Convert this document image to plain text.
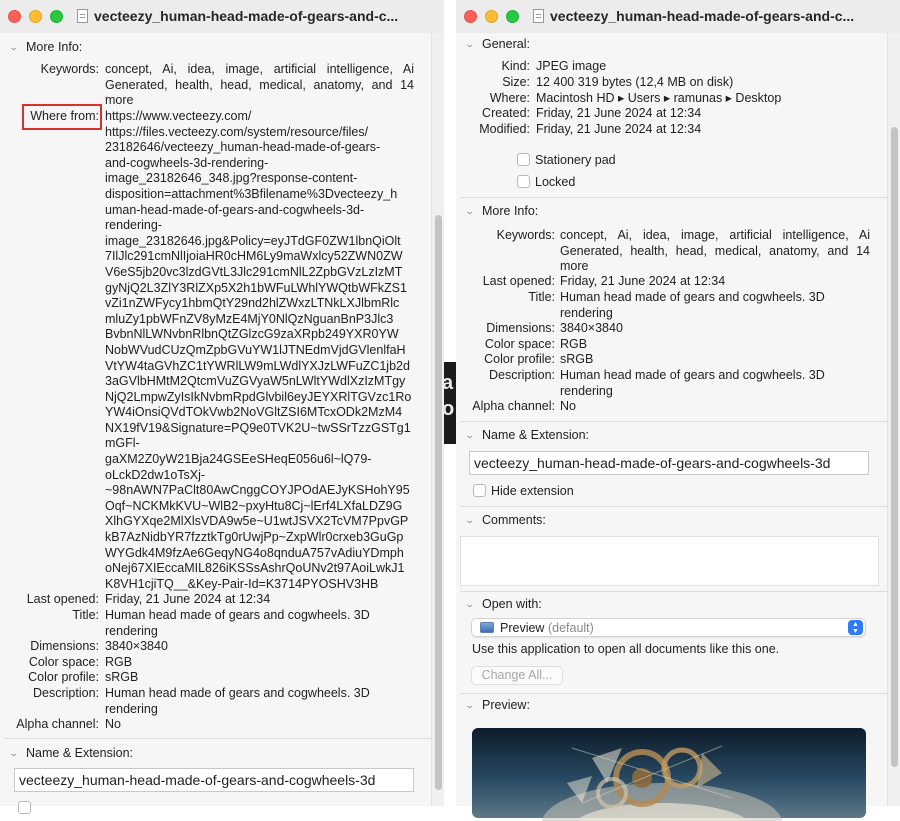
vecteezy_human-head-made-of-gears-and-c...
⌄ More Info:
Keywords: concept, Ai, idea, image, artificial intelligence, Ai Generated, health, head, medical, anatomy, and 14 more
Where from: https://www.vecteezy.com/
https://files.vecteezy.com/system/resource/files/
23182646/vecteezy_human-head-made-of-gears-
and-cogwheels-3d-rendering-
image_23182646_348.jpg?response-content-
disposition=attachment%3Bfilename%3Dvecteezy_h
uman-head-made-of-gears-and-cogwheels-3d-
rendering-
image_23182646.jpg&Policy=eyJTdGF0ZW1lbnQiOlt
7IlJlc291cmNlIjoiaHR0cHM6Ly9maWxlcy52ZWN0ZW
V6eS5jb20vc3lzdGVtL3Jlc291cmNlL2ZpbGVzLzIzMT
gyNjQ2L3ZlY3RlZXp5X2h1bWFuLWhlYWQtbWFkZS1
vZi1nZWFycy1hbmQtY29nd2hlZWxzLTNkLXJlbmRlc
mluZy1pbWFnZV8yMzE4MjY0NlQzNguanBnP3Jlc3
BvbnNlLWNvbnRlbnQtZGlzcG9zaXRpb249YXR0YW
NobWVudCUzQmZpbGVuYW1lJTNEdmVjdGVlenlfaH
VtYW4taGVhZC1tYWRlLW9mLWdlYXJzLWFuZC1jb2d
3aGVlbHMtM2QtcmVuZGVyaW5nLWltYWdlXzIzMTgy
NjQ2LmpwZyIsIkNvbmRpdGlvbil6eyJEYXRlTGVzc1Ro
YW4iOnsiQVdTOkVwb2NoVGltZSI6MTcxODk2MzM4
NX19fV19&Signature=PQ9e0TVK2U~twSSrTzzGSTg1
mGFl-
gaXM2Z0yW21Bja24GSEeSHeqE056u6l~lQ79-
oLckD2dw1oTsXj-
~98nAWN7PaClt80AwCnggCOYJPOdAEJyKSHohY95
Oqf~NCKMkKVU~WlB2~pxyHtu8Cj~lErf4LXfaLDZ9G
XlhGYXqe2MlXlsVDA9w5e~U1wtJSVX2TcVM7PpvGP
kB7AzNidbYR7fzztkTg0rUwjPp~ZxpWlr0crxeb3GuGp
WYGdk4M9fzAe6GeqyNG4o8qnduA757vAdiuYDmph
oNej67XIEccaMIL826iKSSsAshrQoUNv2t97AoiLwkJ1
K8VH1cjiTQ__&Key-Pair-Id=K3714PYOSHV3HB
Last opened: Friday, 21 June 2024 at 12:34
Title: Human head made of gears and cogwheels. 3D rendering
Dimensions: 3840×3840
Color space: RGB
Color profile: sRGB
Description: Human head made of gears and cogwheels. 3D rendering
Alpha channel: No
⌄ Name & Extension:
vecteezy_human-head-made-of-gears-and-cogwheels-3d
a
o
vecteezy_human-head-made-of-gears-and-c...
⌄ General:
Kind: JPEG image
Size: 12 400 319 bytes (12,4 MB on disk)
Where: Macintosh HD ▸ Users ▸ ramunas ▸ Desktop
Created: Friday, 21 June 2024 at 12:34
Modified: Friday, 21 June 2024 at 12:34
Stationery pad
Locked
⌄ More Info:
Keywords: concept, Ai, idea, image, artificial intelligence, Ai Generated, health, head, medical, anatomy, and 14 more
Last opened: Friday, 21 June 2024 at 12:34
Title: Human head made of gears and cogwheels. 3D rendering
Dimensions: 3840×3840
Color space: RGB
Color profile: sRGB
Description: Human head made of gears and cogwheels. 3D rendering
Alpha channel: No
⌄ Name & Extension:
vecteezy_human-head-made-of-gears-and-cogwheels-3d
Hide extension
⌄ Comments:
⌄ Open with:
Preview (default)	▲
▼
Use this application to open all documents like this one.
Change All...
⌄ Preview:
